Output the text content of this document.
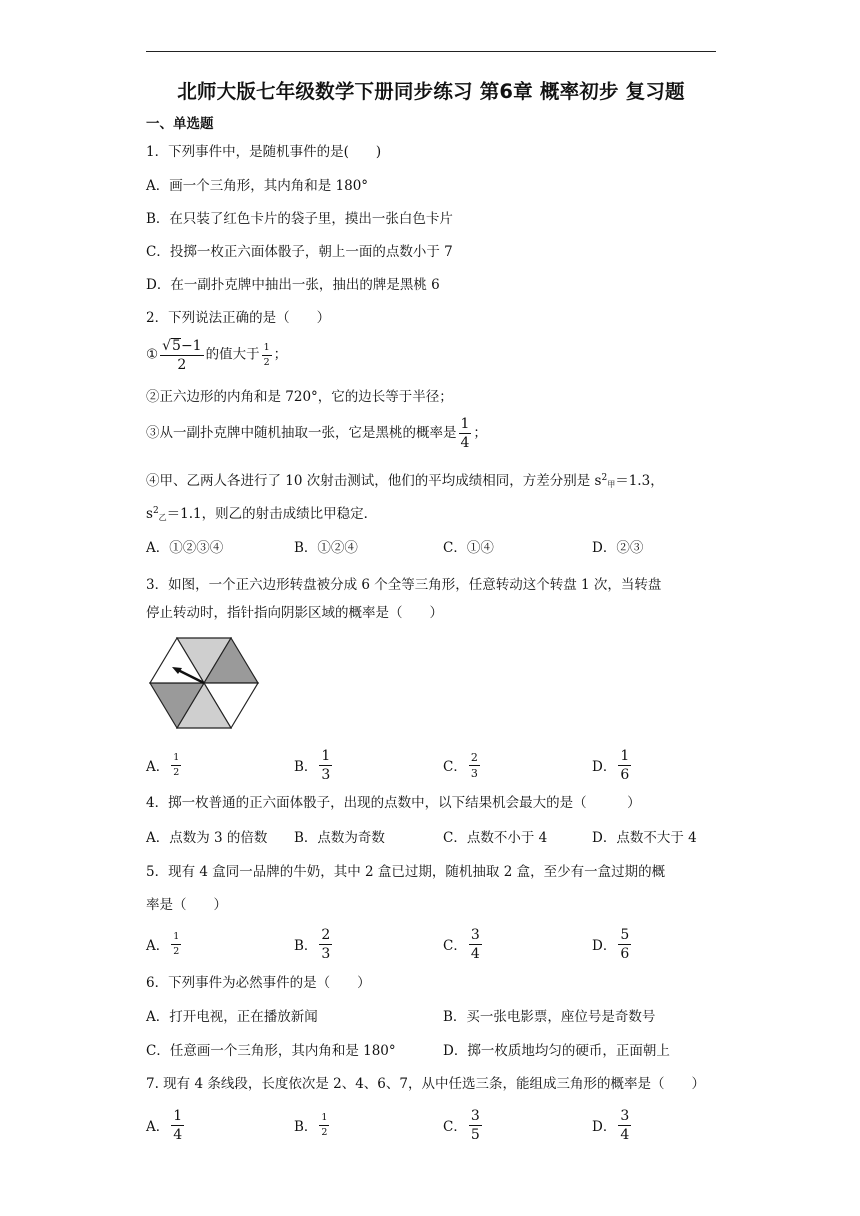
北师大版七年级数学下册同步练习 第6章 概率初步 复习题
一、单选题
1．下列事件中，是随机事件的是(　　)
A．画一个三角形，其内角和是 180°
B．在只装了红色卡片的袋子里，摸出一张白色卡片
C．投掷一枚正六面体骰子，朝上一面的点数小于 7
D．在一副扑克牌中抽出一张，抽出的牌是黑桃 6
2．下列说法正确的是（　　）
① $\frac{√5-1}{2}$ 的值大于 $\frac{1}{2}$ ；
②正六边形的内角和是 720°，它的边长等于半径；
③从一副扑克牌中随机抽取一张，它是黑桃的概率是 $\frac{1}{4}$ ；
④甲、乙两人各进行了 10 次射击测试，他们的平均成绩相同，方差分别是 $s^2_甲=1.3$，
$s^2_乙=1.1$，则乙的射击成绩比甲稳定．
A．①②③④	B．①②④	C．①④	D．②③
3．如图，一个正六边形转盘被分成 6 个全等三角形，任意转动这个转盘 1 次，当转盘
停止转动时，指针指向阴影区域的概率是（　　）
A．
1
2	B．
1
3	C．
2
3	D．
1
6
4．掷一枚普通的正六面体骰子，出现的点数中，以下结果机会最大的是（　　　）
A．点数为 3 的倍数 B．点数为奇数	C．点数不小于 4	D．点数不大于 4
5．现有 4 盒同一品牌的牛奶，其中 2 盒已过期，随机抽取 2 盒，至少有一盒过期的概
率是（　　）
A．
1
2	B．
2
3	C．
3
4	D．
5
6
6．下列事件为必然事件的是（　　）
A．打开电视，正在播放新闻	B．买一张电影票，座位号是奇数号
C．任意画一个三角形，其内角和是 180°	D．掷一枚质地均匀的硬币，正面朝上
7. 现有 4 条线段，长度依次是 2、4、6、7，从中任选三条，能组成三角形的概率是（　　）
A．
1
4	B．
1
2	C．
3
5	D．
3
4
